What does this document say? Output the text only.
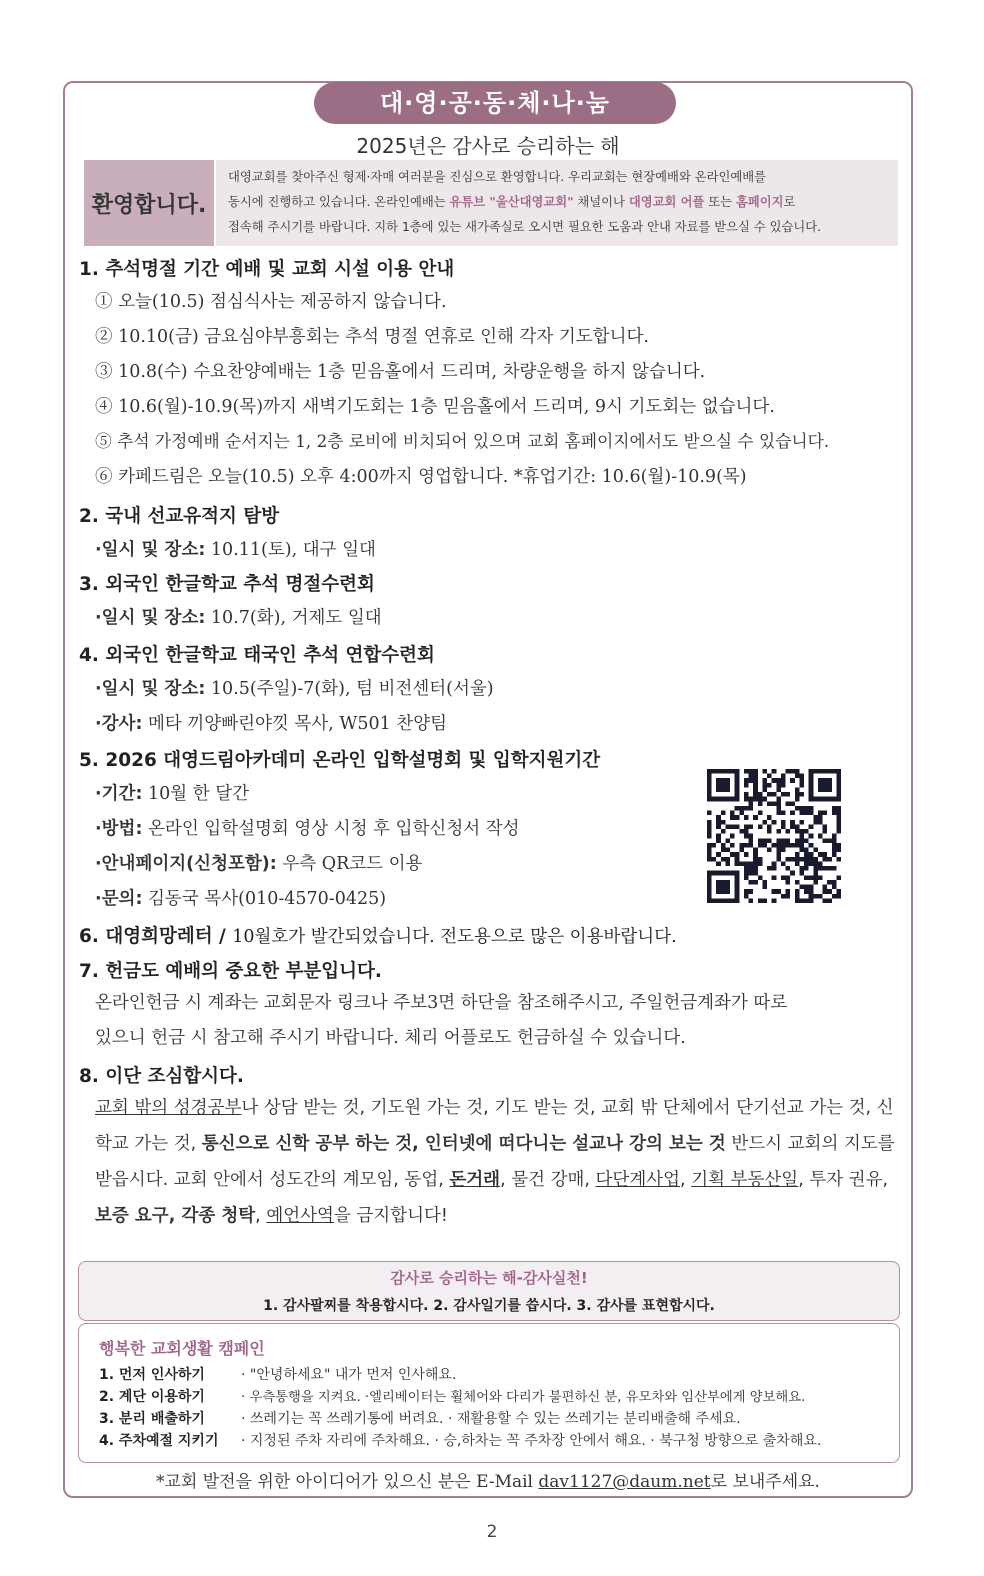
대·영·공·동·체·나·눔
2025년은 감사로 승리하는 해
환영합니다.
대영교회를 찾아주신 형제·자매 여러분을 진심으로 환영합니다. 우리교회는 현장예배와 온라인예배를
동시에 진행하고 있습니다. 온라인예배는 유튜브 "울산대영교회" 채널이나 대영교회 어플 또는 홈페이지로
접속해 주시기를 바랍니다. 지하 1층에 있는 새가족실로 오시면 필요한 도움과 안내 자료를 받으실 수 있습니다.
1. 추석명절 기간 예배 및 교회 시설 이용 안내
① 오늘(10.5) 점심식사는 제공하지 않습니다.
② 10.10(금) 금요심야부흥회는 추석 명절 연휴로 인해 각자 기도합니다.
③ 10.8(수) 수요찬양예배는 1층 믿음홀에서 드리며, 차량운행을 하지 않습니다.
④ 10.6(월)-10.9(목)까지 새벽기도회는 1층 믿음홀에서 드리며, 9시 기도회는 없습니다.
⑤ 추석 가정예배 순서지는 1, 2층 로비에 비치되어 있으며 교회 홈페이지에서도 받으실 수 있습니다.
⑥ 카페드림은 오늘(10.5) 오후 4:00까지 영업합니다. *휴업기간: 10.6(월)-10.9(목)
2. 국내 선교유적지 탐방
·일시 및 장소: 10.11(토), 대구 일대
3. 외국인 한글학교 추석 명절수련회
·일시 및 장소: 10.7(화), 거제도 일대
4. 외국인 한글학교 태국인 추석 연합수련회
·일시 및 장소: 10.5(주일)-7(화), 텀 비전센터(서울)
·강사: 메타 끼양빠린야낏 목사, W501 찬양팀
5. 2026 대영드림아카데미 온라인 입학설명회 및 입학지원기간
·기간: 10월 한 달간
·방법: 온라인 입학설명회 영상 시청 후 입학신청서 작성
·안내페이지(신청포함): 우측 QR코드 이용
·문의: 김동국 목사(010-4570-0425)
6. 대영희망레터 / 10월호가 발간되었습니다. 전도용으로 많은 이용바랍니다.
7. 헌금도 예배의 중요한 부분입니다.
온라인헌금 시 계좌는 교회문자 링크나 주보3면 하단을 참조해주시고, 주일헌금계좌가 따로
있으니 헌금 시 참고해 주시기 바랍니다. 체리 어플로도 헌금하실 수 있습니다.
8. 이단 조심합시다.
교회 밖의 성경공부나 상담 받는 것, 기도원 가는 것, 기도 받는 것, 교회 밖 단체에서 단기선교 가는 것, 신학교 가는 것, 통신으로 신학 공부 하는 것, 인터넷에 떠다니는 설교나 강의 보는 것 반드시 교회의 지도를 받읍시다. 교회 안에서 성도간의 계모임, 동업, 돈거래, 물건 강매, 다단계사업, 기획 부동산일, 투자 권유, 보증 요구, 각종 청탁, 예언사역을 금지합니다!
감사로 승리하는 해-감사실천!
1. 감사팔찌를 착용합시다. 2. 감사일기를 씁시다. 3. 감사를 표현합시다.
행복한 교회생활 캠페인
1. 먼저 인사하기	· "안녕하세요" 내가 먼저 인사해요.
2. 계단 이용하기	· 우측통행을 지켜요. ·엘리베이터는 휠체어와 다리가 불편하신 분, 유모차와 임산부에게 양보해요.
3. 분리 배출하기	· 쓰레기는 꼭 쓰레기통에 버려요. · 재활용할 수 있는 쓰레기는 분리배출해 주세요.
4. 주차예절 지키기 · 지정된 주차 자리에 주차해요. · 승,하차는 꼭 주차장 안에서 해요. · 북구청 방향으로 출차해요.
*교회 발전을 위한 아이디어가 있으신 분은 E-Mail dav1127@daum.net로 보내주세요.
2
